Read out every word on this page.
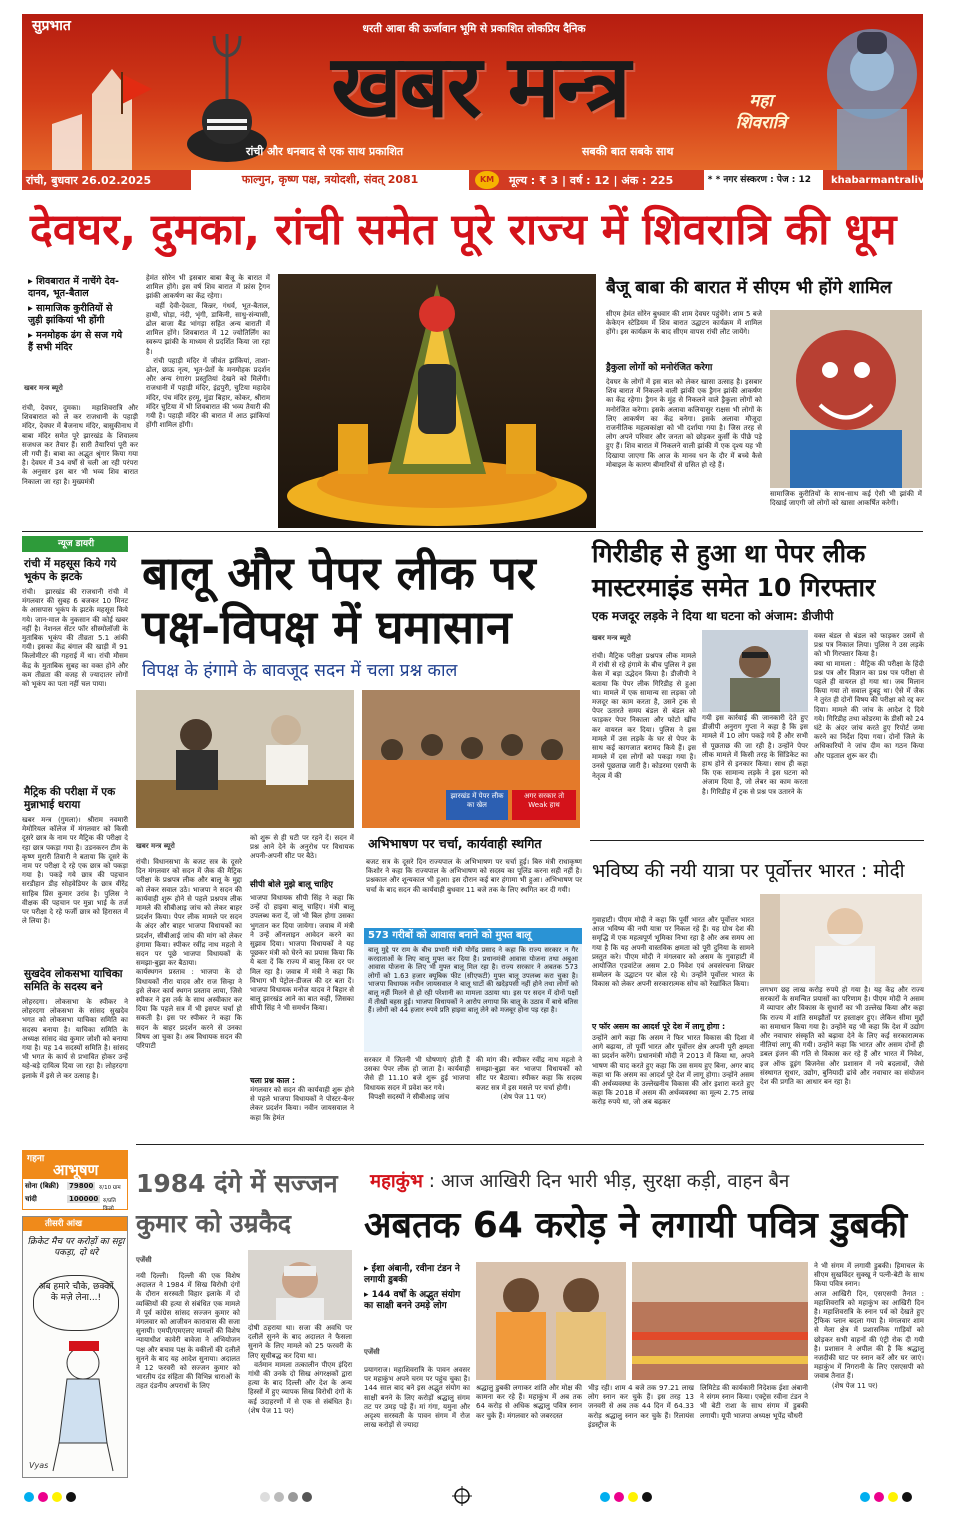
सुप्रभात	धरती आबा की ऊर्जावान भूमि से प्रकाशित लोकप्रिय दैनिक
खबर मन्त्र
रांची और धनबाद से एक साथ प्रकाशित	सबकी बात सबके साथ
महा शिवरात्रि
रांची, बुधवार 26.02.2025	फाल्गुन, कृष्ण पक्ष, त्रयोदशी, संवत् 2081	KM	मूल्य : ₹ 3 | वर्ष : 12 | अंक : 225	* * नगर संस्करण : पेज : 12	khabarmantralive.com
देवघर, दुमका, रांची समेत पूरे राज्य में शिवरात्रि की धूम
▸ शिवबारात में नाचेंगे देव-दानव, भूत-बैताल
▸ सामाजिक कुरीतियों से जुड़ी झांकियां भी होंगी
▸ मनमोहक ढंग से सज गये हैं सभी मंदिर
खबर मन्त्र ब्यूरो
रांची, देवघर, दुमका।  महाशिवरात्रि और शिवबारात को ले कर राजधानी के पहाड़ी मंदिर, देवघर में बैजनाथ मंदिर, बासुकीनाथ में बाबा मंदिर समेत पूरे झारखंड के शिवालय सजधज कर तैयार हैं। सारी तैयारियां पूरी कर ली गयी हैं। बाबा का अद्भुत श्रृंगार किया गया है। देवघर में 34 वर्षों से चली आ रही परंपरा के अनुसार इस बार भी भव्य शिव बारात निकाला जा रहा है। मुख्यमंत्री
हेमंत सोरेन भी इसबार बाबा बैजू के बारात में शामिल होंगे। इस वर्ष शिव बारात में फ्रांस ट्रैगन झांकी आकर्षण का केंद्र रहेगा।
वहीं देवी-देवता, किन्नर, गंधर्व, भूत-बैताल, हाथी, घोड़ा, नंदी, भृंगी, डाकिनी, साधु-संन्यासी, ढोल बाजा बैंड भांगड़ा सहित अन्य बाराती में शामिल होंगे। शिवबारात में 12 ज्योतिर्लिंग का स्वरूप झांकी के माध्यम से प्रदर्शित किया जा रहा है।
रांची पहाड़ी मंदिर में जीवंत झांकियां, ताशा-ढोल, छाऊ नृत्य, भूत-प्रेतों के मनमोहक प्रदर्शन और अन्य रंगारंग प्रस्तुतियां देखने को मिलेंगी। राजधानी में पहाड़ी मंदिर, इंद्रपुरी, चुटिया महादेव मंदिर, पंच मंदिर हरमू, मुंडा बिहार, कोकर, श्रीराम मंदिर चुटिया में भी शिवबारात की भव्य तैयारी की गयी है। पहाड़ी मंदिर की बारात में आठ झांकियां होंगी शामिल होंगी।
बैजू बाबा की बारात में सीएम भी होंगे शामिल
सीएम हेमंत सोरेन बुधवार की शाम देवघर पहुंचेंगे। शाम 5 बजे केकेएन स्टेडियम में शिव बारात उद्घाटन कार्यक्रम में शामिल होंगे। इस कार्यक्रम के बाद सीएम वापस रांची लौट जायेंगे।
ड्रैकुला लोगों को मनोरंजित करेगा
देवघर के लोगों में इस बात को लेकर खासा उत्साह है। इसबार शिव बारात में निकलने वाली झांकी एक ड्रैगन झांकी आकर्षण का केंद्र रहेगा। ड्रैगन के मुंह से निकलने वाले ड्रैकुला लोगों को मनोरंजित करेगा। इसके अलावा कलियासुर राक्षस भी लोगों के लिए आकर्षण का केंद्र बनेगा। इसके अलावा मौजूदा राजनीतिक महत्वकांक्षा को भी दर्शाया गया है। जिस तरह से लोग अपने परिवार और जनता को छोड़कर कुर्सी के पीछे पड़े हुए हैं। शिव बारात में निकलने वाली झांकी में एक दृश्य यह भी दिखाया जाएगा कि आज के मानव धन के दौर में बच्चे कैसे मोबाइल के कारण बीमारियों से ग्रसित हो रहे हैं।
सामाजिक कुरीतियों के साथ-साथ कई ऐसी भी झांकी में दिखाई जाएगी जो लोगों को खासा आकर्षित करेगी।
न्यूज डायरी
रांची में महसूस किये गये भूकंप के झटके
रांची।  झारखंड की राजधानी रांची में मंगलवार की सुबह 6 बजकर 10 मिनट के आसपास भूकंप के झटके महसूस किये गये। जान-माल के नुकसान की कोई खबर नहीं है। नेशनल सेंटर फॉर सीस्मोलॉजी के मुताबिक भूकंप की तीव्रता 5.1 आंकी गयी। इसका केंद्र बंगाल की खाड़ी में 91 किलोमीटर की गहराई में था। रांची मौसम केंद्र के मुताबिक सुबह का वक्त होने और कम तीव्रता की वजह से ज्यादातर लोगों को भूकंप का पता नहीं चल पाया।
मैट्रिक की परीक्षा में एक मुन्नाभाई धराया
खबर मन्त्र (गुमला)। श्रीराम नवमारी मेमोरियल कॉलेज में मंगलवार को किसी दूसरे छात्र के नाम पर मैट्रिक की परीक्षा दे रहा छात्र पकड़ा गया है। उडनकरन टीम के कृष्ण मुरारी तिवारी ने बताया कि दूसरे के नाम पर परीक्षा दे रहे एक छात्र को पकड़ा गया है। पकड़े गये छात्र की पहचान सरडीहान डीह सोहवेडियर के छात्र वीरेंद्र साहिब प्रिंस कुमार उरांव है। पुलिस ने वीक्षक की पहचान पर मुन्ना भाई के तर्ज पर परीक्षा दे रहे फर्जी छात्र को हिरासत में ले लिया है।
सुखदेव लोकसभा याचिका समिति के सदस्य बने
लोहरदगा। लोकसभा के स्पीकर ने लोहरदगा लोकसभा के सांसद सुखदेव भगत को लोकसभा याचिका समिति का सदस्य बनाया है। याचिका समिति के अध्यक्ष सांसद वंद्य कुमार जोशी को बनाया गया है। यह 14 सदस्यों समिति है। सांसद भी भगत के कार्य से प्रभावित होकर उन्हें यहे-बड़े दायित्व दिया जा रहा है। लोहरदगा इलाके में इसे ले कर उत्साह है।
बालू और पेपर लीक पर
पक्ष-विपक्ष में घमासान
विपक्ष के हंगामे के बावजूद सदन में चला प्रश्न काल
झारखंड में पेपर लीक का खेल
अगर सरकार तो Weak हाथ
खबर मन्त्र ब्यूरो
रांची। विधानसभा के बजट सत्र के दूसरे दिन मंगलवार को सदन में जैक की मैट्रिक परीक्षा के प्रश्नपत्र लीक और बालू के मुद्दा को लेकर सवाल उठे। भाजपा ने सदन की कार्यवाही शुरू होने से पहले प्रश्नपत्र लीक मामले की सीबीआइ जांच को लेकर बाहर प्रदर्शन किया। पेपर लीक मामले पर सदन के अंदर और बाहर भाजपा विधायकों का प्रदर्शन, सीबीआई जांच की मांग को लेकर हंगामा किया। स्पीकर रवींद्र नाथ महतो ने सदन पर पूछे भाजपा विधायकों के समझा-बुझा कर बैठाया।
कार्यस्थगन प्रस्ताव : भाजपा के दो विधायकों नीरा यादव और राज सिन्हा ने इसे लेकर कार्य स्थगन प्रस्ताव लाया, जिसे स्पीकर ने इस तर्क के साथ अस्वीकार कर दिया कि पहले सत्र में भी इसपर चर्चा हो सकती है। इस पर स्पीकर ने कहा कि सदन के बाहर प्रदर्शन करने से उनका विषय आ चुका है। अब विधायक सदन की परिपाटी
को शुरू से ही घटी पर रहने दें। सदन में प्रश्न आने देने के अनुरोध पर विधायक अपनी-अपनी सीट पर बैठे।

सीपी बोले मुझे बालू चाहिए
भाजपा विधायक सीपी सिंह ने कहा कि उन्हें दो हाइवा बालू चाहिए। मंत्री बालू उपलब्ध करा दें, जो भी बिल होगा उसका भुगतान कर दिया जायेगा। जवाब में मंत्री ने उन्हें ऑनलाइन आवेदन करने का सुझाव दिया। भाजपा विधायकों ने यह पूछकर मंत्री को घेरने का प्रयास किया कि ये बता दें कि राज्य में बालू किस दर पर मिल रहा है। जवाब में मंत्री ने कहा कि विभाग भी पेट्रोल-डीजल की दर बता दें। भाजपा विधायक मनोज यादव ने बिहार से बालू झारखंड आने का बात कही, जिसका सीपी सिंह ने भी समर्थन किया।

चला प्रश्न काल :
मंगलवार को सदन की कार्यवाही शुरू होने से पहले भाजपा विधायकों ने पोस्टर-बैनर लेकर प्रदर्शन किया। नवीन जायसवाल ने कहा कि हेमंत
अभिभाषण पर चर्चा, कार्यवाही स्थगित
बजट सत्र के दूसरे दिन राज्यपाल के अभिभाषण पर चर्चा हुई। बिरु मंत्री राधाकृष्ण किशोर ने कहा कि राज्यपाल के अभिभाषण को सदस्य का पूलिंड करना सही नहीं है। प्रश्नकाल और शून्यकाल भी हुआ। इस दौरान कई बार हंगामा भी हुआ। अभिभाषण पर चर्चा के बाद सदन की कार्यवाही बुधवार 11 बजे तक के लिए स्थगित कर दी गयी।
573 गरीबों को आवास बनाने को मुफ्त बालू
बालू मुद्दे पर राम के बीच प्रभारी मंत्री योगेंद्र प्रसाद ने कहा कि राज्य सरकार न गैर करदाताओं के लिए बालू मुफ्त कर दिया है। प्रधानमंत्री आवास योजना तथा अबुआ आवास योजना के लिए भी मुफ्त बालू मिल रहा है। राज्य सरकार ने अबतक 573 लोगों को 1.63 हजार क्यूबिक फीट (सीएफटी) मुफ्त बालू उपलब्ध करा चुका है। भाजपा विधायक नवीन जायसवाल ने बालू घाटों की खदेड़पसी नहीं होने तथा लोगों को बालू नहीं मिलने से हो रही परेशानी का मामला उठाया था। इस पर सदन में दोनों पक्षों में तीखी बहस हुई। भाजपा विधायकों ने आरोप लगाया कि बालू के उठाव में बाधे बतिस हैं। लोगों को 44 हजार रुपये प्रति हाइवा बालू लेने को मजबूर होना पड़ रहा है।
सरकार में जितनी भी घोषणाएं होती हैं उसका पेपर लीक हो जाता है। कार्यवाही जैसे ही 11.10 बजे शुरू हुई भाजपा विधायक सदन में प्रवेश कर गये।
विपक्षी सदस्यों ने सीबीआइ जांच
की मांग की। स्पीकर रवींद्र नाथ महतो ने समझा-बुझा कर भाजपा विधायकों को सीट पर बैठाया। स्पीकर कहा कि सदस्य बजट सत्र में इस मसले पर चर्चा होगी।
(शेष पेज 11 पर)
गिरीडीह से हुआ था पेपर लीक
मास्टरमाइंड समेत 10 गिरफ्तार
एक मजदूर लड़के ने दिया था घटना को अंजाम: डीजीपी
खबर मन्त्र ब्यूरो
रांची। मैट्रिक परीक्षा प्रश्नपत्र लीक मामले में रांची से रहे हंगामे के बीच पुलिस ने इस केस में बड़ा उद्भेदन किया है। डीजीपी ने बताया कि पेपर लीक गिरिडीह से हुआ था। मामले में एक सामान्य सा लड़का जो मजदूर का काम करता है, उसने ट्रक से पेपर उतारते समय बंडल से बंडल को फाड़कर पेपर निकाला और फोटो खींच कर वायरल कर दिया। पुलिस ने इस मामले में उस लड़के के घर से पेपर के साथ कई कागजात बरामद किये हैं। इस मामले में दस लोगों को पकड़ा गया है। उनसे पूछताछ जारी है। कोडरमा एसपी के नेतृत्व में की
गयी इस कार्रवाई की जानकारी देते हुए डीजीपी अनुराग गुप्ता ने कहा है कि इस मामले में 10 लोग पकड़े गये हैं और सभी से पूछताछ की जा रही है। उन्होंने पेपर लीक मामले में किसी तरह के सिंडिकेट का हाथ होने से इनकार किया। साथ ही कहा कि एक सामान्य लड़के ने इस घटना को अंजाम दिया है, जो लेबर का काम करता है। गिरिडीह में ट्रक से प्रश्न पत्र उतारने के
वक्त बंडल से बंडल को फाड़कर उसमें से प्रश्न पत्र निकाल लिया। पुलिस ने उस लड़के को भी गिरफ्तार किया है।
क्या था मामला :  मैट्रिक की परीक्षा के हिंदी प्रश्न पत्र और विज्ञान का प्रश्न पत्र परीक्षा से पहले ही वायरल हो गया था। जब मिलान किया गया तो सवाल हूबहू था। ऐसे में जैक ने तुरंत ही दोनों विषय की परीक्षा को रद्द कर दिया। मामले की जांच के आदेश दे दिये गये। गिरिडीह तथा कोडरमा के डीसी को 24 घंटे के अंदर जांच करते हुए रिपोर्ट जमा करने का निर्देश दिया गया। दोनों जिले के अधिकारियों ने जांच दीम का गठन किया और पड़ताल शुरू कर दी।
भविष्य की नयी यात्रा पर पूर्वोत्तर भारत : मोदी
गुवाहाटी। पीएम मोदी ने कहा कि पूर्वी भारत और पूर्वोत्तर भारत आज भविष्य की नयी यात्रा पर निकल रहे हैं। यह ग्रोथ देश की समृद्धि में एक महत्वपूर्ण भूमिका निभा रहा है और अब समय आ गया है कि यह अपनी वास्तविक क्षमता को पूरी दुनिया के सामने प्रस्तुत करे। पीएम मोदी ने मंगलवार को असम के गुवाहाटी में आयोजित एडवांटेज असम 2.0 निवेश एवं अवसंरचना शिखर सम्मेलन के उद्घाटन पर बोल रहे थे। उन्होंने पूर्वोत्तर भारत के विकास को लेकर अपनी सरकारात्मक सोच को रेखांकित किया।

ए फॉर असम का आदर्श पूरे देश में लागू होगा :
उन्होंने आगे कहा कि असम ने फिर भारत विकास की दिशा में आगे बढ़ाया, तो पूर्वी भारत और पूर्वोत्तर क्षेत्र अपनी पूरी क्षमता का प्रदर्शन करेंगे। प्रधानमंत्री मोदी ने 2013 में किया था, अपने भाषण की याद करते हुए कहा कि उस समय हुए बिना, अगर बाद कहा था कि असम का आदर्श पूरे देश में लागू होगा। उन्होंने असम की अर्थव्यवस्था के उल्लेखनीय विकास की ओर इशारा करते हुए कहा कि 2018 में असम की अर्थव्यवस्था का मूल्य 2.75 लाख करोड़ रुपये था, जो अब बढ़कर
लगभग छह लाख करोड़ रुपये हो गया है। यह केंद्र और राज्य सरकारों के समन्वित प्रयासों का परिणाम है। पीएम मोदी ने असम में व्यापार और विकास के सुधारों का भी उल्लेख किया और कहा कि राज्य में शांति समझौतों पर हस्ताक्षर हुए। लेकिन सीमा मुद्दों का समाधान किया गया है। उन्होंने यह भी कहा कि देश में उद्योग और नवाचार संस्कृति को बढ़ावा देने के लिए कई सरकारात्मक नीतियां लागू की गयी। उन्होंने कहा कि भारत और असम दोनों ही डबल इंजन की गति से विकास कर रहे हैं और भारत में निवेश, इज ऑफ डूइंग बिजनेस और प्रशासन में नये बदलावों, जैसे संस्थागत सुधार, उद्योग, बुनियादी ढांचे और नवाचार का संयोजन देश की प्रगति का आधार बन रहा है।
गहना
आभूषण
सोना (बिक्री) 79800	रु/10 ग्राम
चांदी	100000 रु/प्रति किलो
तीसरी आंख
क्रिकेट मैच पर करोड़ों का सट्टा पकड़ा, दो धरे
अब हमारे चौके, छक्कों के मज़े लेना...!
Vyas
1984 दंगे में सज्जन
कुमार को उम्रकैद
एजेंसी
नयी दिल्ली।  दिल्ली की एक विशेष अदालत ने 1984 में सिख विरोधी दंगों के दौरान सरस्वती विहार इलाके में दो व्यक्तियों की हत्या से संबंधित एक मामले में पूर्व कांग्रेस सांसद सज्जन कुमार को मंगलवार को आजीवन कारावास की सजा सुनायी। एमपी/एमएलए मामलों की विशेष न्यायाधीश कावेरी बावेजा ने अभियोजन पक्ष और बचाव पक्ष के वकीलों की दलीलें सुनने के बाद यह आदेश सुनाया। अदालत ने 12 फरवरी को सज्जन कुमार को भारतीय दंड संहिता की विभिन्न धाराओं के तहत दंडनीय अपराधों के लिए
दोषी ठहराया था। सजा की अवधि पर दलीलें सुनने के बाद अदालत ने फैसला सुनाने के लिए मामले को 25 फरवरी के लिए सूचीबद्ध कर दिया था।
वर्तमान मामला तत्कालीन पीएम इंदिरा गांधी की उनके दो सिख अंगरक्षकों द्वारा हत्या के बाद दिल्ली और देश के अन्य हिस्सों में हुए व्यापक सिख विरोधी दंगों के कई उदाहरणों में से एक से संबंधित है।          (शेष पेज 11 पर)
महाकुंभ : आज आखिरी दिन भारी भीड़, सुरक्षा कड़ी, वाहन बैन
अबतक 64 करोड़ ने लगायी पवित्र डुबकी
▸ ईशा अंबानी, रवीना टंडन ने लगायी डुबकी
▸ 144 वर्षों के अद्भुत संयोग का साक्षी बनने उमड़े लोग
एजेंसी
प्रयागराज। महाशिवरात्रि के पावन अवसर पर महाकुंभ अपने चरम पर पहुंच चुका है। 144 साल बाद बने इस अद्भुत संयोग का साक्षी बनने के लिए करोड़ों श्रद्धालु संगम तट पर उमड़ पड़े हैं। मां गंगा, यमुना और अदृश्य सरस्वती के पावन संगम में रोज लाख करोड़ों से ज्यादा
श्रद्धालु डुबकी लगाकर शांति और मोक्ष की कामना कर रहे हैं। महाकुंभ में अब तक 64 करोड़ से अधिक श्रद्धालु पवित्र स्नान कर चुके हैं। मंगलवार को जबरदस्त
भीड़ रही। शाम 4 बजे तक 97.21 लाख लोग स्नान कर चुके हैं। इस तरह 13 जनवरी से अब तक 44 दिन में 64.33 करोड़ श्रद्धालु स्नान कर चुके हैं। रिलायंस इंडस्ट्रीज के
लिमिटेड की कार्यकारी निदेशक ईशा अंबानी ने संगम स्नान किया। एक्ट्रेस रवीना टंडन ने भी बेटी राशा के साथ संगम में डुबकी लगायी। यूपी भाजपा अध्यक्ष भूपेंद्र चौधरी
ने भी संगम में लगायी डुबकी। हिमाचल के सीएम सुखविंदर सुक्खू ने पत्नी-बेटी के साथ किया पवित्र स्नान।
आज आखिरी दिन, एसएसपी तैनात : महाशिवरात्रि को महाकुंभ का आखिरी दिन है। महाशिवरात्रि के स्नान पर्व को देखते हुए ट्रैफिक प्लान बदला गया है। मंगलवार शाम से मेला क्षेत्र में प्रशासनिक गाड़ियों को छोड़कर सभी वाहनों की एंट्री रोक दी गयी है। प्रशासन ने अपील की है कि श्रद्धालु नजदीकी घाट पर स्नान करें और घर जाएं। महाकुंभ में निगरानी के लिए एसएसपी को जवाब तैनात हैं।
(शेष पेज 11 पर)
